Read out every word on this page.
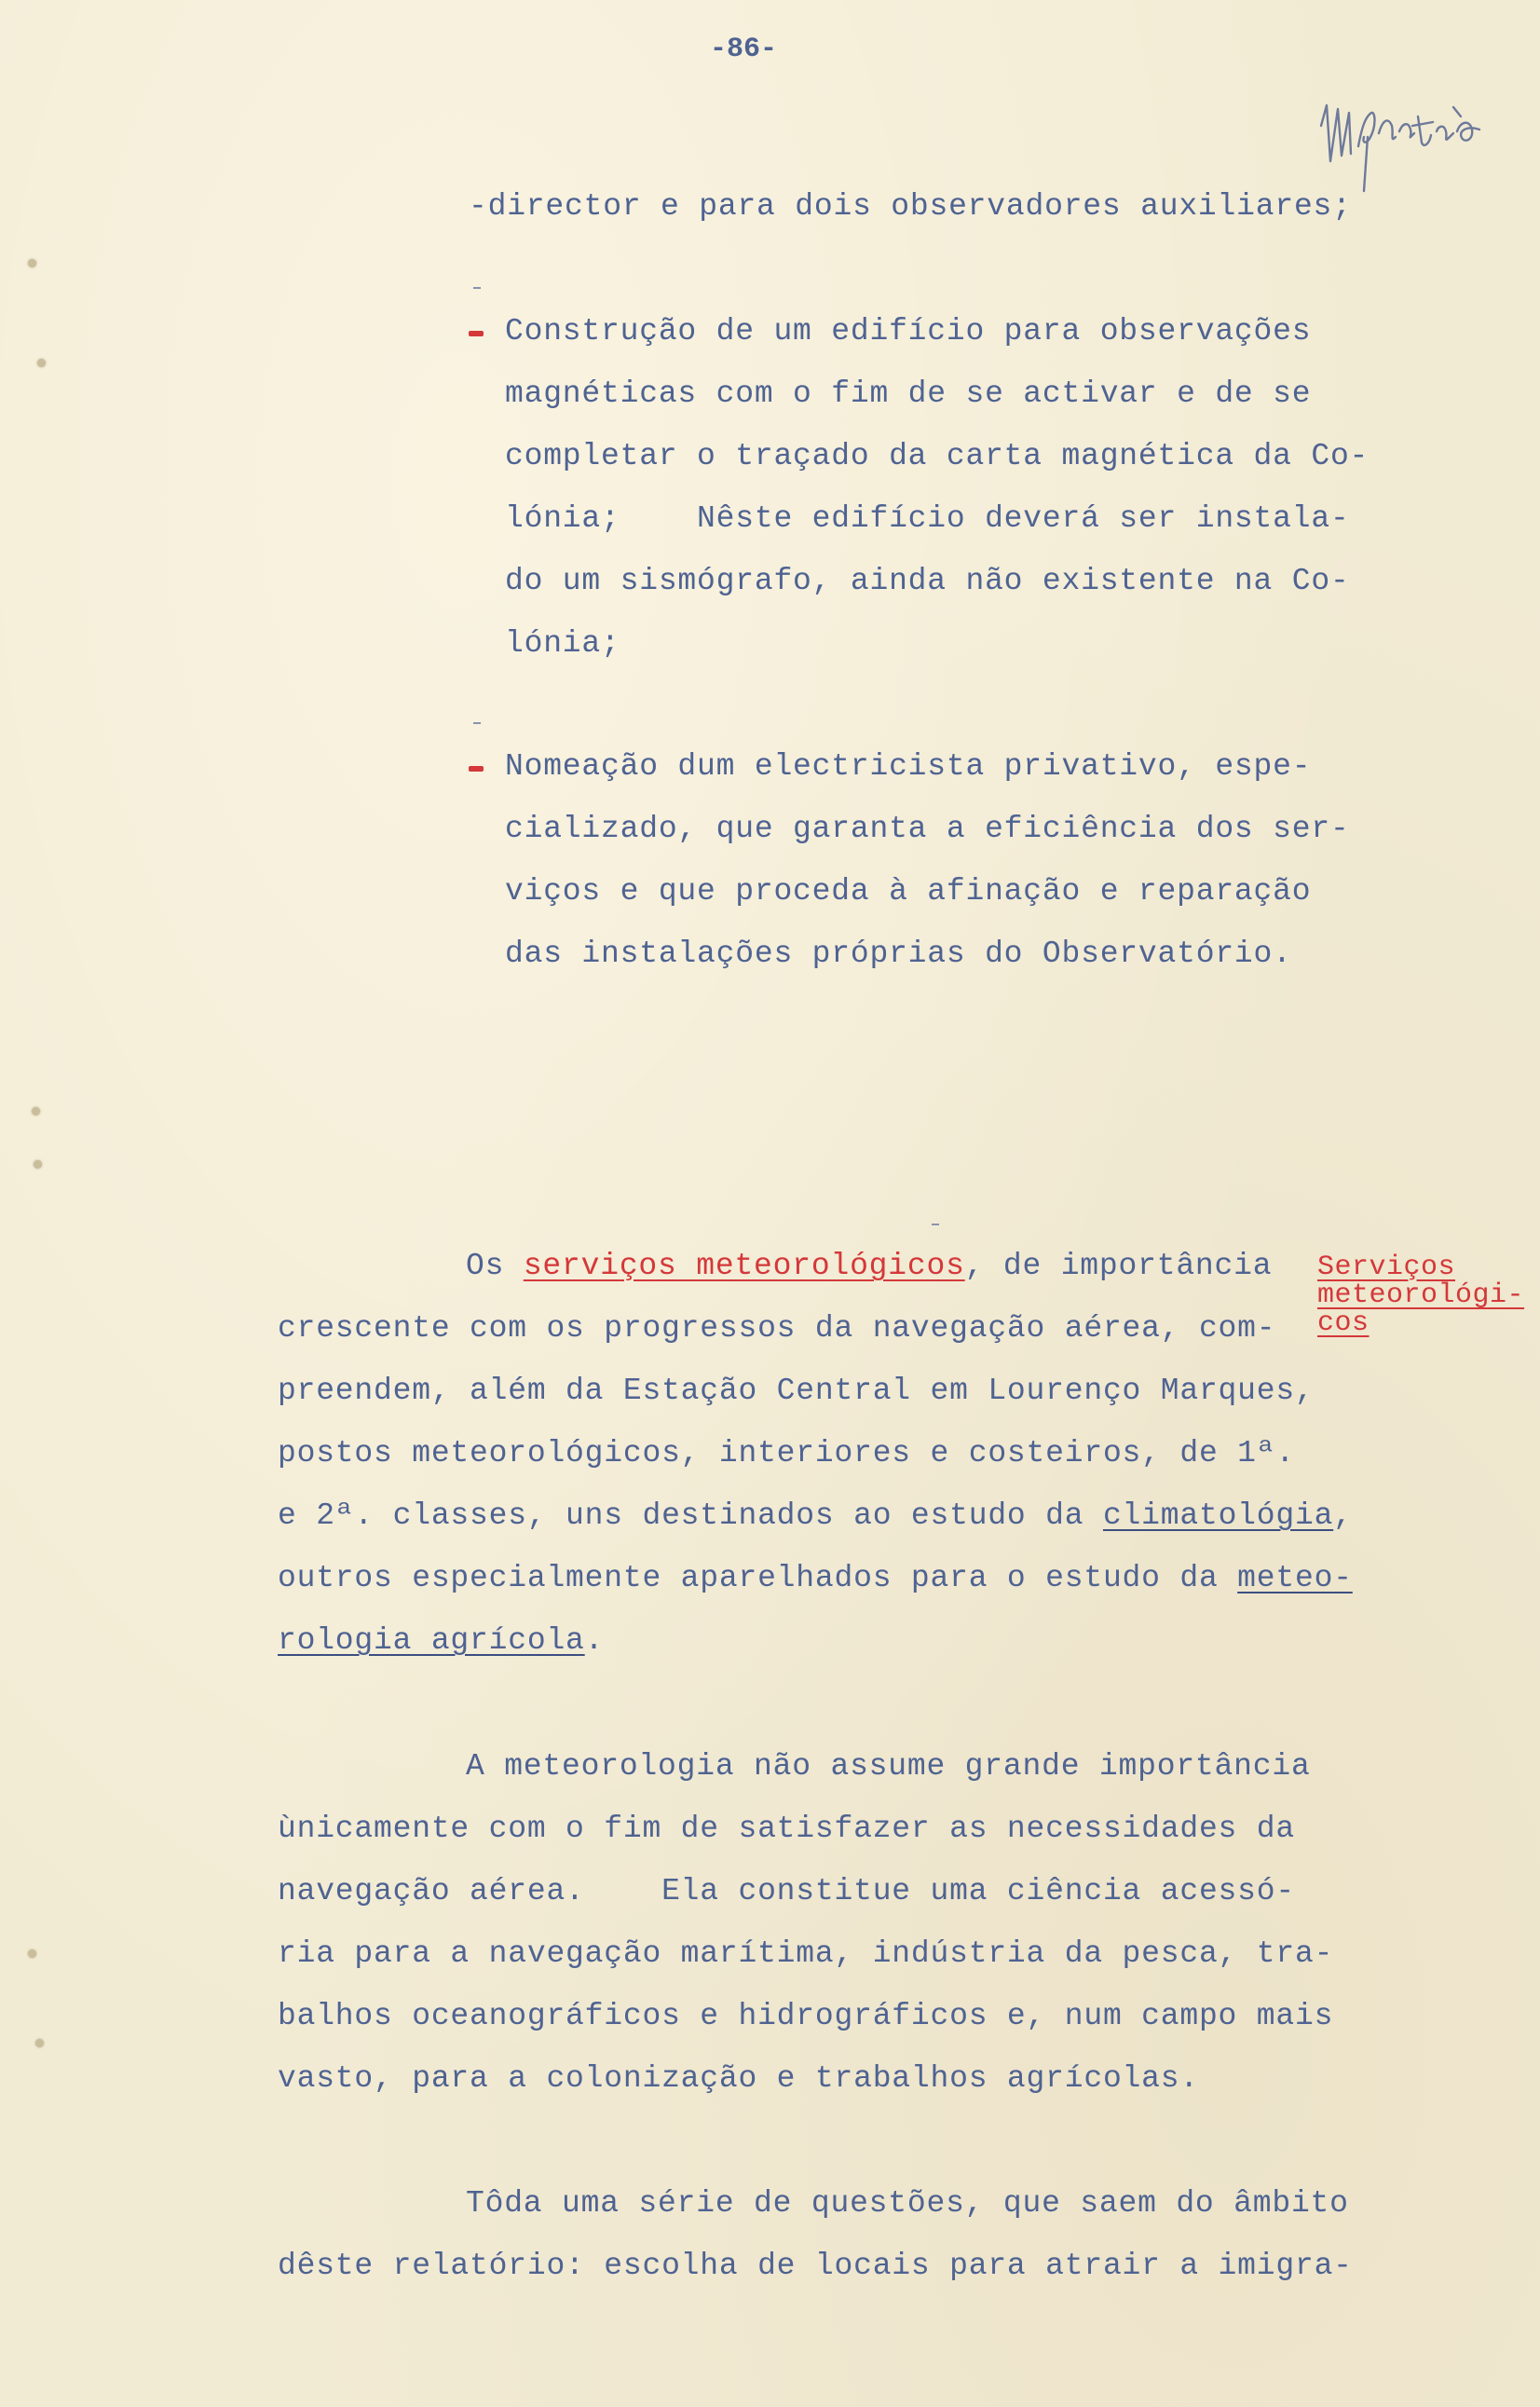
-86-
-director e para dois observadores auxiliares;
Construção de um edifício para observações
magnéticas com o fim de se activar e de se
completar o traçado da carta magnética da Co-
lónia;    Nêste edifício deverá ser instala-
do um sismógrafo, ainda não existente na Co-
lónia;
Nomeação dum electricista privativo, espe-
cializado, que garanta a eficiência dos ser-
viços e que proceda à afinação e reparação
das instalações próprias do Observatório.
Os serviços meteorológicos, de importância
crescente com os progressos da navegação aérea, com-
preendem, além da Estação Central em Lourenço Marques,
postos meteorológicos, interiores e costeiros, de 1ª.
e 2ª. classes, uns destinados ao estudo da climatológia,
outros especialmente aparelhados para o estudo da meteo-
rologia agrícola.
Serviços
meteorológi-
cos
A meteorologia não assume grande importância
ùnicamente com o fim de satisfazer as necessidades da
navegação aérea.    Ela constitue uma ciência acessó-
ria para a navegação marítima, indústria da pesca, tra-
balhos oceanográficos e hidrográficos e, num campo mais
vasto, para a colonização e trabalhos agrícolas.
Tôda uma série de questões, que saem do âmbito
dêste relatório: escolha de locais para atrair a imigra-
